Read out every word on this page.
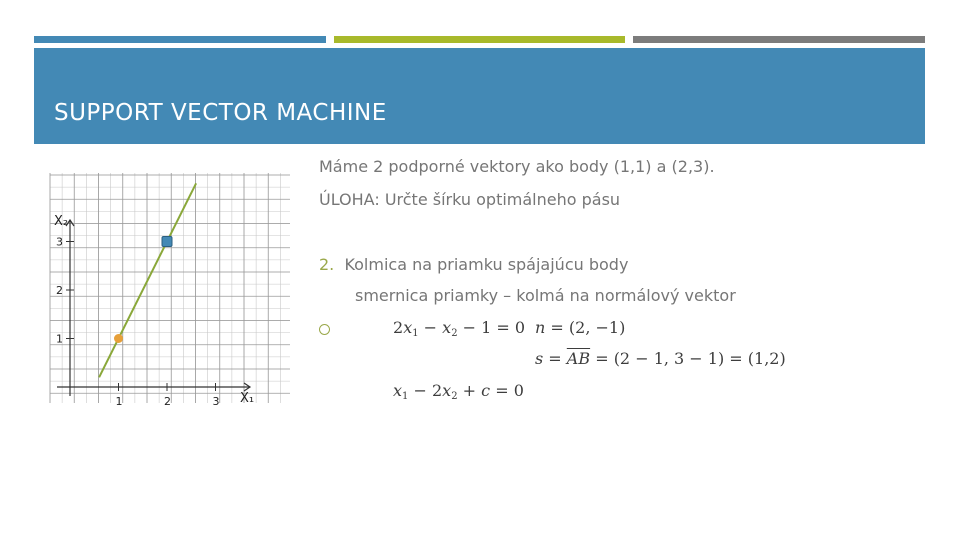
SUPPORT VECTOR MACHINE
1	2	3
1
2
3
X₁
X₂
Máme 2 podporné vektory ako body (1,1) a (2,3).
ÚLOHA: Určte šírku optimálneho pásu
2. Kolmica na priamku spájajúcu body
smernica priamky – kolmá na normálový vektor
$2x_1 - x_2 - 1 = 0$ n = (2, −1)
$s = \overline{AB} = (2 - 1$, 3 − 1) = (1,2)
$x_1 - 2x_2 + c = 0$
